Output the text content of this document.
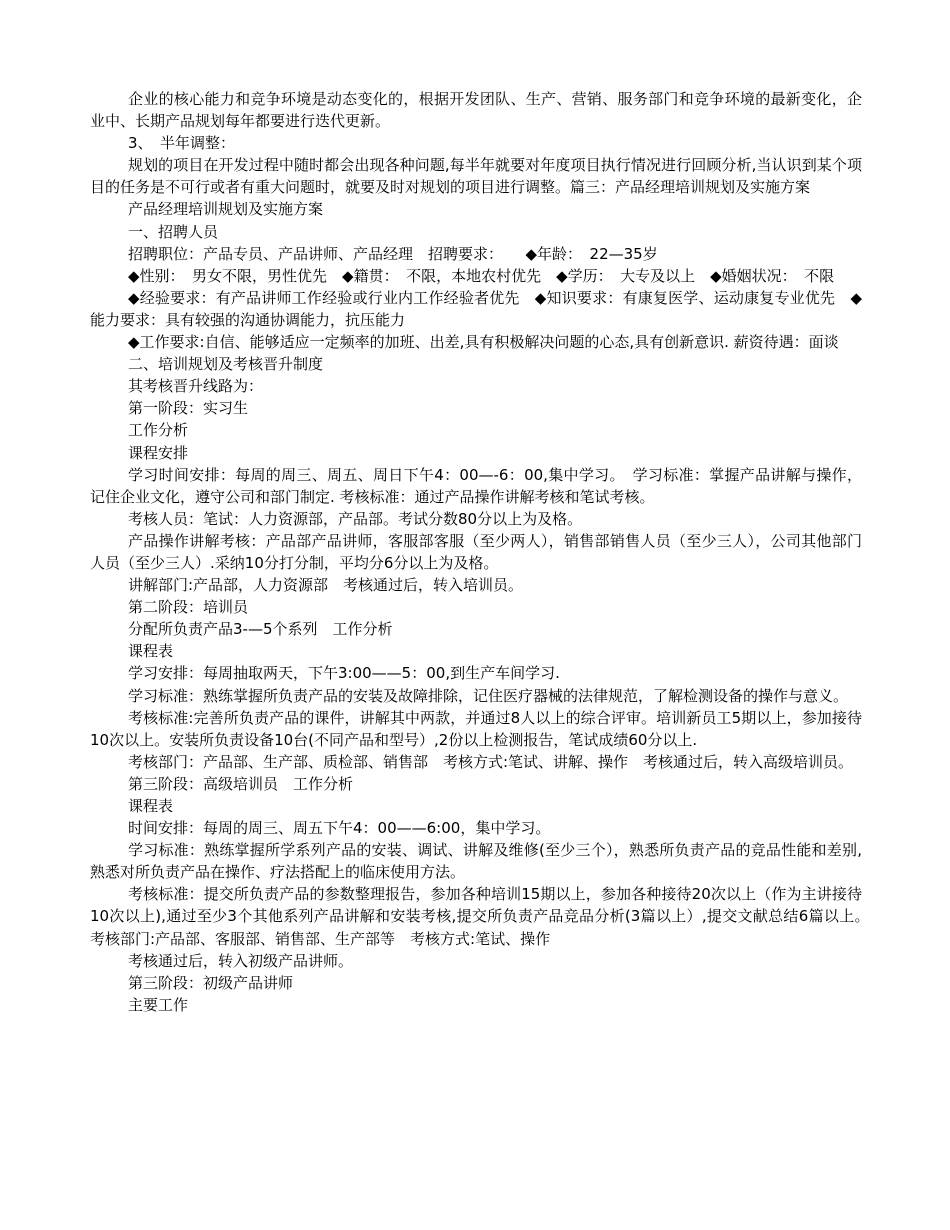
企业的核心能力和竞争环境是动态变化的，根据开发团队、生产、营销、服务部门和竞争环境的最新变化，企业中、长期产品规划每年都要进行迭代更新。

3、　半年调整：

规划的项目在开发过程中随时都会出现各种问题,每半年就要对年度项目执行情况进行回顾分析,当认识到某个项目的任务是不可行或者有重大问题时，就要及时对规划的项目进行调整。篇三：产品经理培训规划及实施方案

产品经理培训规划及实施方案

一、招聘人员

招聘职位：产品专员、产品讲师、产品经理　招聘要求：　　◆年龄：　22—35岁

◆性别：　男女不限，男性优先　◆籍贯：　不限，本地农村优先　◆学历：　大专及以上　◆婚姻状况：　不限

◆经验要求：有产品讲师工作经验或行业内工作经验者优先　◆知识要求：有康复医学、运动康复专业优先　◆能力要求：具有较强的沟通协调能力，抗压能力

◆工作要求:自信、能够适应一定频率的加班、出差,具有积极解决问题的心态,具有创新意识. 薪资待遇：面谈

二、培训规划及考核晋升制度

其考核晋升线路为：

第一阶段：实习生

工作分析

课程安排

学习时间安排：每周的周三、周五、周日下午4：00—-6：00,集中学习。　学习标准：掌握产品讲解与操作，记住企业文化，遵守公司和部门制定. 考核标准：通过产品操作讲解考核和笔试考核。

考核人员：笔试：人力资源部，产品部。考试分数80分以上为及格。

产品操作讲解考核：产品部产品讲师，客服部客服（至少两人），销售部销售人员（至少三人），公司其他部门人员（至少三人）.采纳10分打分制，平均分6分以上为及格。

讲解部门:产品部，人力资源部　考核通过后，转入培训员。

第二阶段：培训员

分配所负责产品3-—5个系列　工作分析

课程表

学习安排：每周抽取两天，下午3:00——5：00,到生产车间学习.

学习标准：熟练掌握所负责产品的安装及故障排除，记住医疗器械的法律规范，了解检测设备的操作与意义。

考核标准:完善所负责产品的课件，讲解其中两款，并通过8人以上的综合评审。培训新员工5期以上，参加接待10次以上。安装所负责设备10台(不同产品和型号）,2份以上检测报告，笔试成绩60分以上.

考核部门：产品部、生产部、质检部、销售部　考核方式:笔试、讲解、操作　考核通过后，转入高级培训员。

第三阶段：高级培训员　工作分析

课程表

时间安排：每周的周三、周五下午4：00——6:00，集中学习。

学习标准：熟练掌握所学系列产品的安装、调试、讲解及维修(至少三个），熟悉所负责产品的竞品性能和差别,熟悉对所负责产品在操作、疗法搭配上的临床使用方法。

考核标准：提交所负责产品的参数整理报告，参加各种培训15期以上，参加各种接待20次以上（作为主讲接待10次以上),通过至少3个其他系列产品讲解和安装考核,提交所负责产品竞品分析(3篇以上）,提交文献总结6篇以上。　考核部门:产品部、客服部、销售部、生产部等　考核方式:笔试、操作

考核通过后，转入初级产品讲师。

第三阶段：初级产品讲师

主要工作
